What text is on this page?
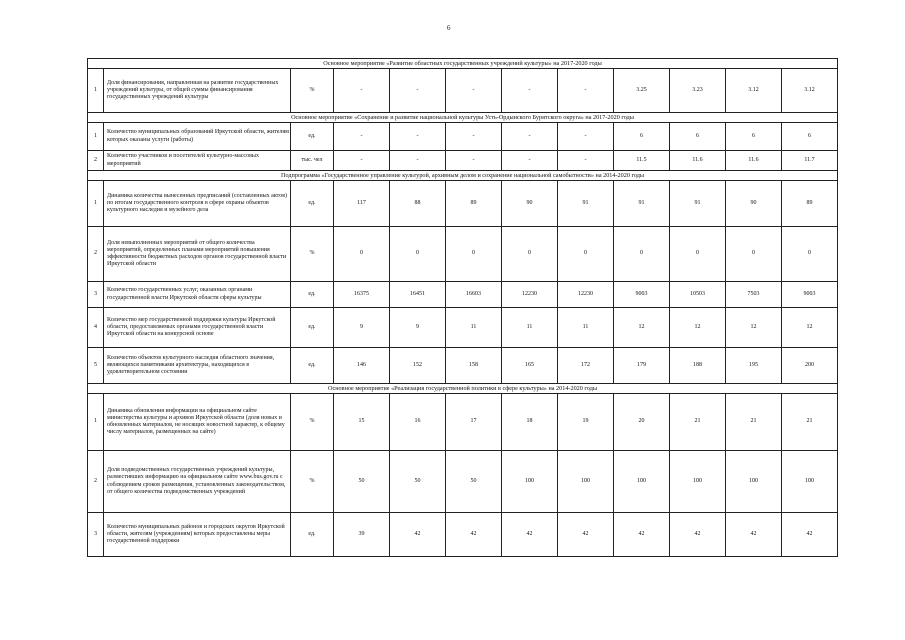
6
Основное мероприятие «Развитие областных государственных учреждений культуры» на 2017-2020 годы											
1	Доля финансирования, направленная на развитие государственных учреждений культуры, от общей суммы финансирования государственных учреждений культуры	%	-	-	-	-	-	3.25	3.23	3.12	3.12
Основное мероприятие «Сохранение и развитие национальной культуры Усть-Ордынского Бурятского округа» на 2017-2020 годы											
1	Количество муниципальных образований Иркутской области, жителям которых оказаны услуги (работы)	ед.	-	-	-	-	-	6	6	6	6
2	Количество участников и посетителей культурно-массовых мероприятий	тыс. чел	-	-	-	-	-	11.5	11.6	11.6	11.7
Подпрограмма «Государственное управление культурой, архивным делом и сохранение национальной самобытности» на 2014-2020 годы											
1	Динамика количества вынесенных предписаний (составленных актов) по итогам государственного контроля в сфере охраны объектов культурного наследия и музейного дела	ед.	117	88	89	90	91	91	91	90	89
2	Доля невыполненных мероприятий от общего количества мероприятий, определенных планами мероприятий повышения эффективности бюджетных расходов органов государственной власти Иркутской области	%	0	0	0	0	0	0	0	0	0
3	Количество государственных услуг, оказанных органами государственной власти Иркутской области сферы культуры	ед.	16375	16451	16603	12230	12230	9003	10503	7503	9003
4	Количество мер государственной поддержки культуры Иркутской области, предоставляемых органами государственной власти Иркутской области на конкурсной основе	ед.	9	9	11	11	11	12	12	12	12
5	Количество объектов культурного наследия областного значения, являющихся памятниками архитектуры, находящихся в удовлетворительном состоянии	ед.	146	152	158	165	172	179	188	195	200
Основное мероприятие «Реализация государственной политики в сфере культуры» на 2014-2020 годы											
1	Динамика обновления информации на официальном сайте министерства культуры и архивов Иркутской области (доля новых и обновленных материалов, не носящих новостной характер, к общему числу материалов, размещенных на сайте)	%	15	16	17	18	19	20	21	21	21
2	Доля подведомственных государственных учреждений культуры, разместивших информацию на официальном сайте www.bus.gov.ru с соблюдением сроков размещения, установленных законодательством, от общего количества подведомственных учреждений	%	50	50	50	100	100	100	100	100	100
3	Количество муниципальных районов и городских округов Иркутской области, жителям (учреждениям) которых предоставлены меры государственной поддержки	ед.	39	42	42	42	42	42	42	42	42
